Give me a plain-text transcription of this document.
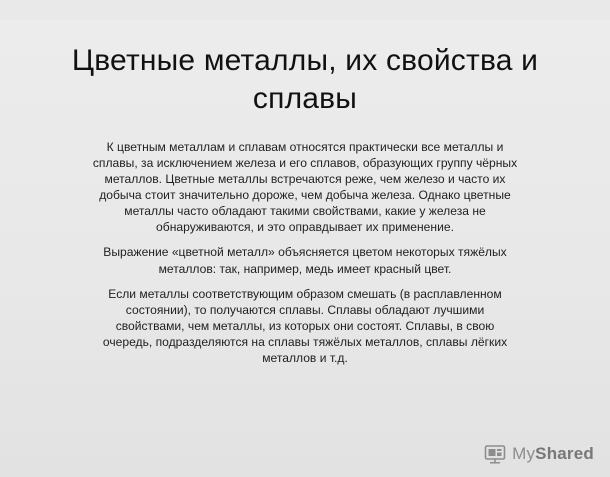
Цветные металлы, их свойства и сплавы

К цветным металлам и сплавам относятся практически все металлы и сплавы, за исключением железа и его сплавов, образующих группу чёрных металлов. Цветные металлы встречаются реже, чем железо и часто их добыча стоит значительно дороже, чем добыча железа. Однако цветные металлы часто обладают такими свойствами, какие у железа не обнаруживаются, и это оправдывает их применение.

Выражение «цветной металл» объясняется цветом некоторых тяжёлых металлов: так, например, медь имеет красный цвет.

Если металлы соответствующим образом смешать (в расплавленном состоянии), то получаются сплавы. Сплавы обладают лучшими свойствами, чем металлы, из которых они состоят. Сплавы, в свою очередь, подразделяются на сплавы тяжёлых металлов, сплавы лёгких металлов и т.д.

MyShared
